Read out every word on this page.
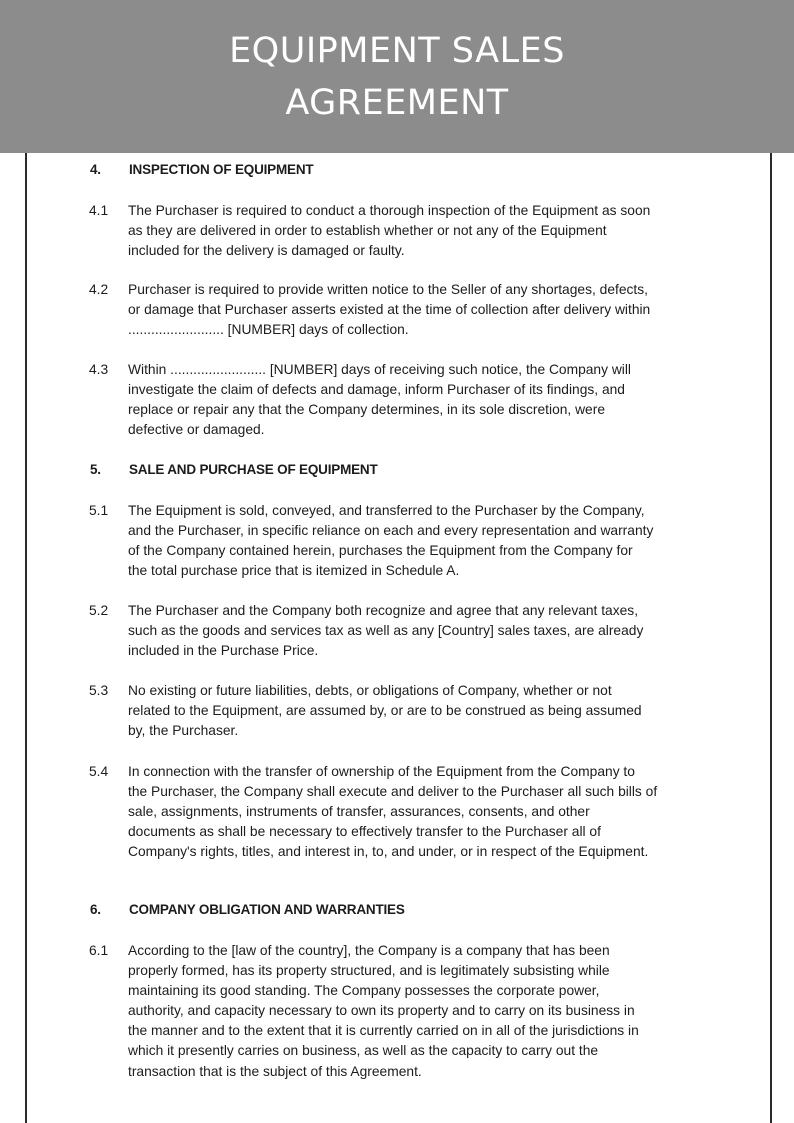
EQUIPMENT SALES
AGREEMENT
4. INSPECTION OF EQUIPMENT
4.1 The Purchaser is required to conduct a thorough inspection of the Equipment as soon
as they are delivered in order to establish whether or not any of the Equipment
included for the delivery is damaged or faulty.
4.2 Purchaser is required to provide written notice to the Seller of any shortages, defects,
or damage that Purchaser asserts existed at the time of collection after delivery within
......................... [NUMBER] days of collection.
4.3 Within ......................... [NUMBER] days of receiving such notice, the Company will
investigate the claim of defects and damage, inform Purchaser of its findings, and
replace or repair any that the Company determines, in its sole discretion, were
defective or damaged.
5. SALE AND PURCHASE OF EQUIPMENT
5.1 The Equipment is sold, conveyed, and transferred to the Purchaser by the Company,
and the Purchaser, in specific reliance on each and every representation and warranty
of the Company contained herein, purchases the Equipment from the Company for
the total purchase price that is itemized in Schedule A.
5.2 The Purchaser and the Company both recognize and agree that any relevant taxes,
such as the goods and services tax as well as any [Country] sales taxes, are already
included in the Purchase Price.
5.3 No existing or future liabilities, debts, or obligations of Company, whether or not
related to the Equipment, are assumed by, or are to be construed as being assumed
by, the Purchaser.
5.4 In connection with the transfer of ownership of the Equipment from the Company to
the Purchaser, the Company shall execute and deliver to the Purchaser all such bills of
sale, assignments, instruments of transfer, assurances, consents, and other
documents as shall be necessary to effectively transfer to the Purchaser all of
Company's rights, titles, and interest in, to, and under, or in respect of the Equipment.
6. COMPANY OBLIGATION AND WARRANTIES
6.1 According to the [law of the country], the Company is a company that has been
properly formed, has its property structured, and is legitimately subsisting while
maintaining its good standing. The Company possesses the corporate power,
authority, and capacity necessary to own its property and to carry on its business in
the manner and to the extent that it is currently carried on in all of the jurisdictions in
which it presently carries on business, as well as the capacity to carry out the
transaction that is the subject of this Agreement.
